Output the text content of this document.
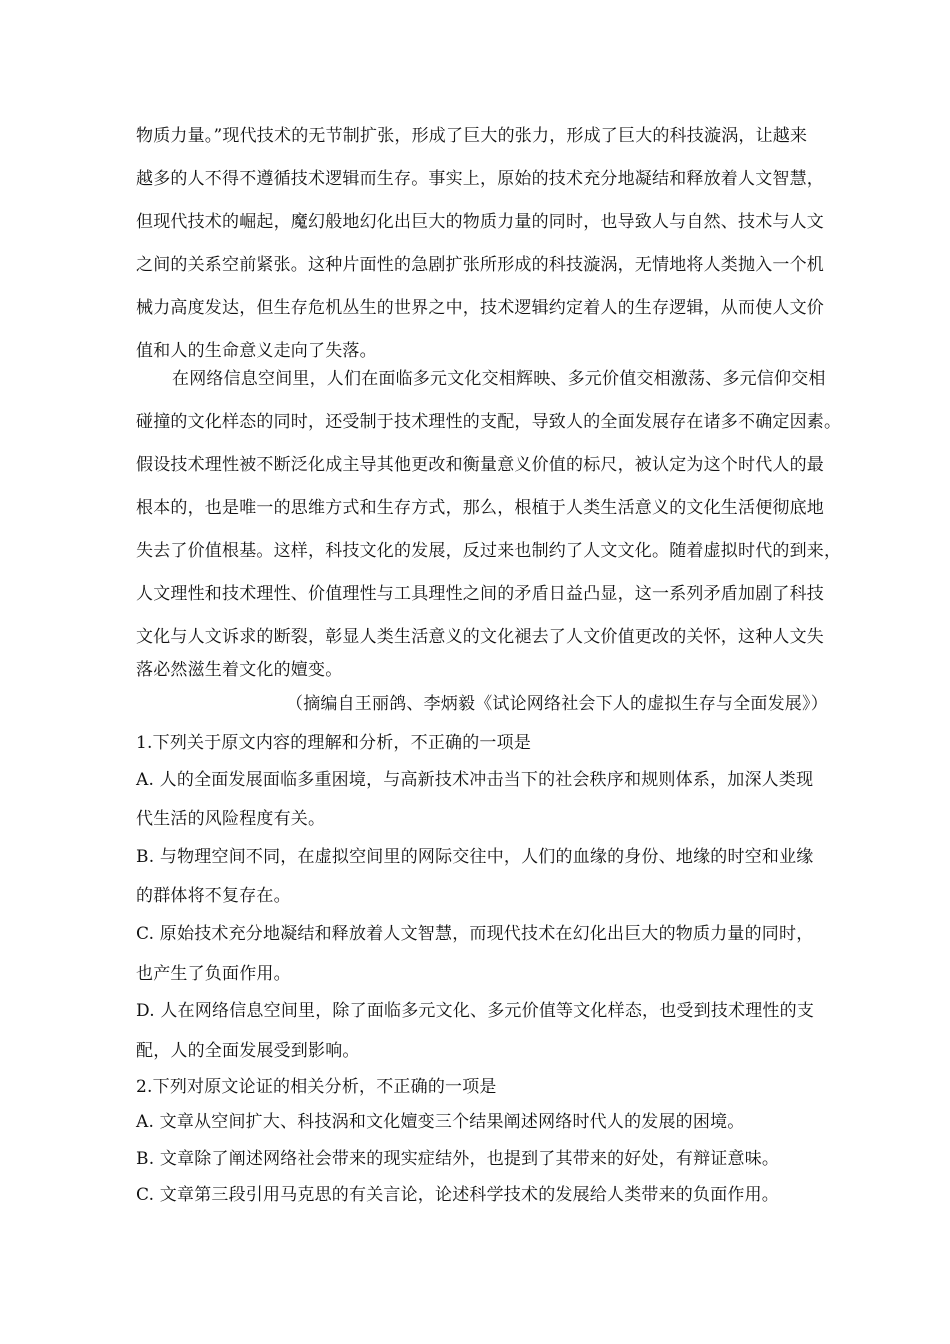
物质力量。”现代技术的无节制扩张，形成了巨大的张力，形成了巨大的科技漩涡，让越来
越多的人不得不遵循技术逻辑而生存。事实上，原始的技术充分地凝结和释放着人文智慧，
但现代技术的崛起，魔幻般地幻化出巨大的物质力量的同时，也导致人与自然、技术与人文
之间的关系空前紧张。这种片面性的急剧扩张所形成的科技漩涡，无情地将人类抛入一个机
械力高度发达，但生存危机丛生的世界之中，技术逻辑约定着人的生存逻辑，从而使人文价
值和人的生命意义走向了失落。
在网络信息空间里，人们在面临多元文化交相辉映、多元价值交相激荡、多元信仰交相
碰撞的文化样态的同时，还受制于技术理性的支配，导致人的全面发展存在诸多不确定因素。
假设技术理性被不断泛化成主导其他更改和衡量意义价值的标尺，被认定为这个时代人的最
根本的，也是唯一的思维方式和生存方式，那么，根植于人类生活意义的文化生活便彻底地
失去了价值根基。这样，科技文化的发展，反过来也制约了人文文化。随着虚拟时代的到来，
人文理性和技术理性、价值理性与工具理性之间的矛盾日益凸显，这一系列矛盾加剧了科技
文化与人文诉求的断裂，彰显人类生活意义的文化褪去了人文价值更改的关怀，这种人文失
落必然滋生着文化的嬗变。
（摘编自王丽鸽、李炳毅《试论网络社会下人的虚拟生存与全面发展》）
1.下列关于原文内容的理解和分析，不正确的一项是
A. 人的全面发展面临多重困境，与高新技术冲击当下的社会秩序和规则体系，加深人类现
代生活的风险程度有关。
B. 与物理空间不同，在虚拟空间里的网际交往中，人们的血缘的身份、地缘的时空和业缘
的群体将不复存在。
C. 原始技术充分地凝结和释放着人文智慧，而现代技术在幻化出巨大的物质力量的同时，
也产生了负面作用。
D. 人在网络信息空间里，除了面临多元文化、多元价值等文化样态，也受到技术理性的支
配，人的全面发展受到影响。
2.下列对原文论证的相关分析，不正确的一项是
A. 文章从空间扩大、科技涡和文化嬗变三个结果阐述网络时代人的发展的困境。
B. 文章除了阐述网络社会带来的现实症结外，也提到了其带来的好处，有辩证意味。
C. 文章第三段引用马克思的有关言论，论述科学技术的发展给人类带来的负面作用。
